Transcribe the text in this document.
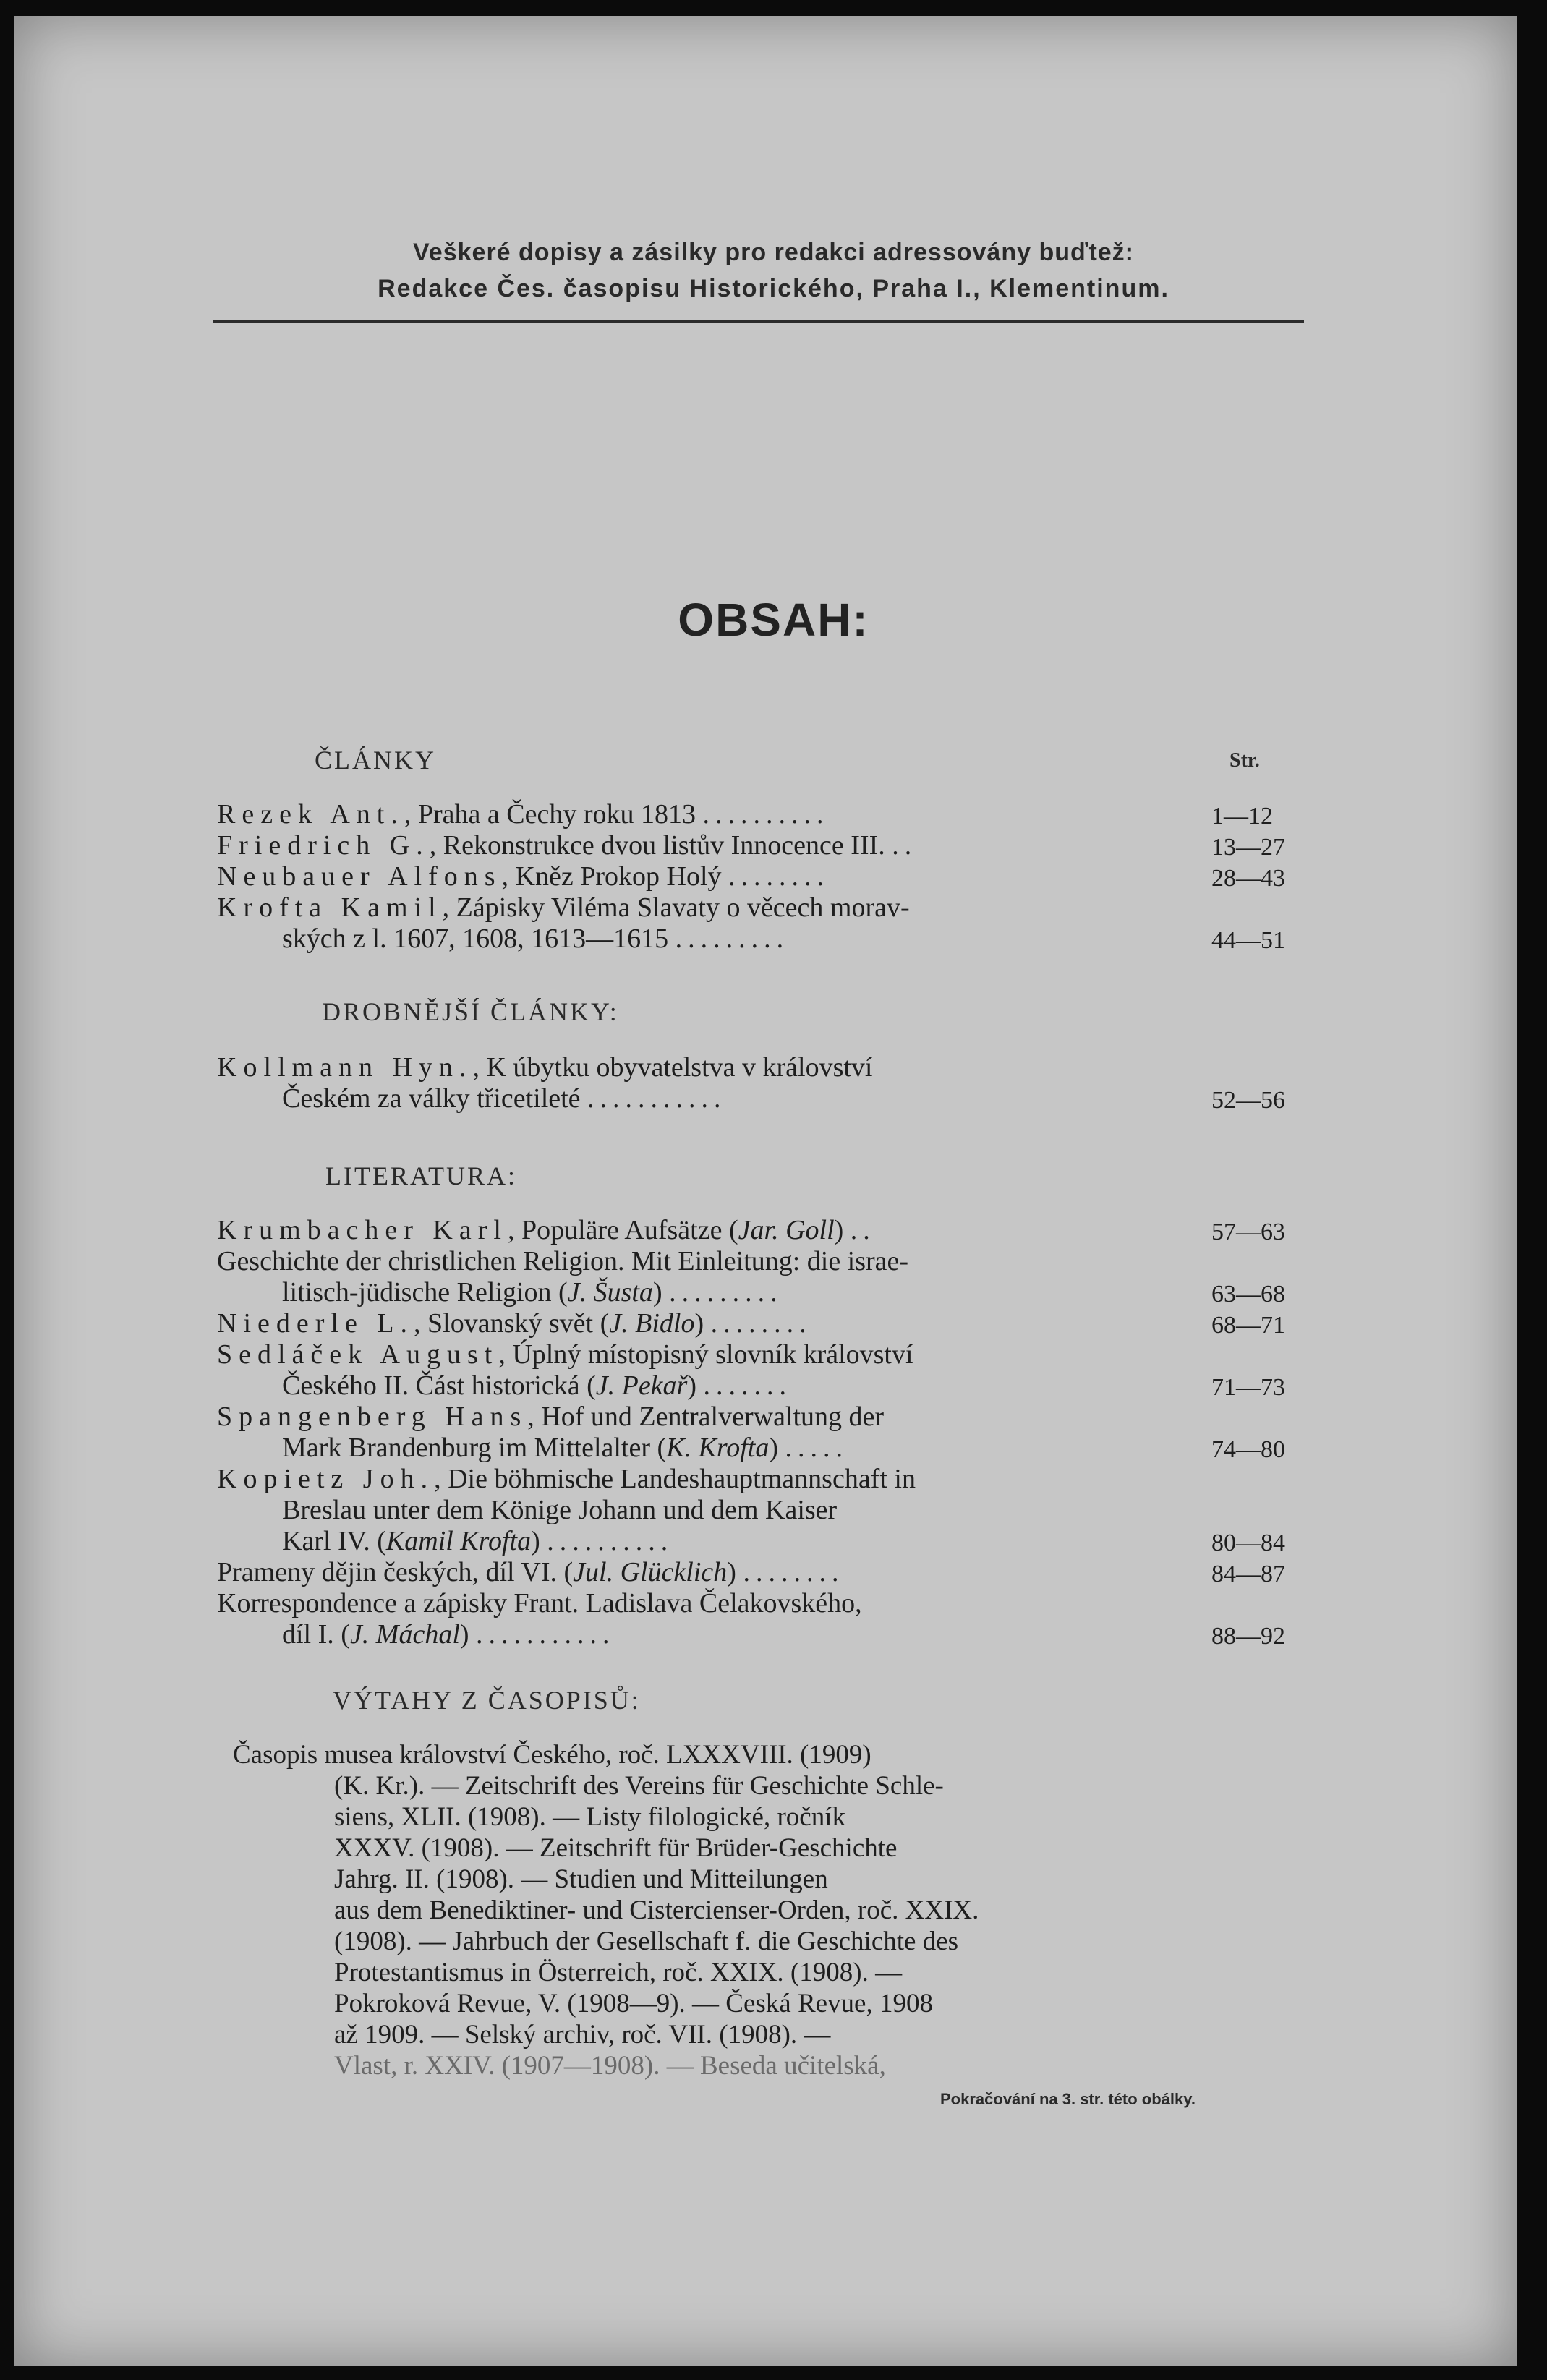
Veškeré dopisy a zásilky pro redakci adressovány buďtež:
Redakce Čes. časopisu Historického, Praha I., Klementinum.
OBSAH:
ČLÁNKY	Str.
Rezek Ant., Praha a Čechy roku 1813 ..........	1—12
Friedrich G., Rekonstrukce dvou listův Innocence III. ..	13—27
Neubauer Alfons, Kněz Prokop Holý ........	28—43
Krofta Kamil, Zápisky Viléma Slavaty o věcech morav-
ských z l. 1607, 1608, 1613—1615 .........	44—51
DROBNĚJŠÍ ČLÁNKY:
Kollmann Hyn., K úbytku obyvatelstva v království
Českém za války třicetileté ...........	52—56
LITERATURA:
Krumbacher Karl, Populäre Aufsätze (Jar. Goll) ..	57—63
Geschichte der christlichen Religion. Mit Einleitung: die israe-
litisch-jüdische Religion (J. Šusta) .........	63—68
Niederle L., Slovanský svět (J. Bidlo) ........	68—71
Sedláček August, Úplný místopisný slovník království
Českého II. Část historická (J. Pekař) .......	71—73
Spangenberg Hans, Hof und Zentralverwaltung der
Mark Brandenburg im Mittelalter (K. Krofta) .....	74—80
Kopietz Joh., Die böhmische Landeshauptmannschaft in
Breslau unter dem Könige Johann und dem Kaiser
Karl IV. (Kamil Krofta) ..........	80—84
Prameny dějin českých, díl VI. (Jul. Glücklich) ........	84—87
Korrespondence a zápisky Frant. Ladislava Čelakovského,
díl I. (J. Máchal) ...........	88—92
VÝTAHY Z ČASOPISŮ:
Časopis musea království Českého, roč. LXXXVIII. (1909)
(K. Kr.). — Zeitschrift des Vereins für Geschichte Schle-
siens, XLII. (1908). — Listy filologické, ročník
XXXV. (1908). — Zeitschrift für Brüder-Geschichte
Jahrg. II. (1908). — Studien und Mitteilungen
aus dem Benediktiner- und Cistercienser-Orden, roč. XXIX.
(1908). — Jahrbuch der Gesellschaft f. die Geschichte des
Protestantismus in Österreich, roč. XXIX. (1908). —
Pokroková Revue, V. (1908—9). — Česká Revue, 1908
až 1909. — Selský archiv, roč. VII. (1908). —
Vlast, r. XXIV. (1907—1908). — Beseda učitelská,
Pokračování na 3. str. této obálky.
